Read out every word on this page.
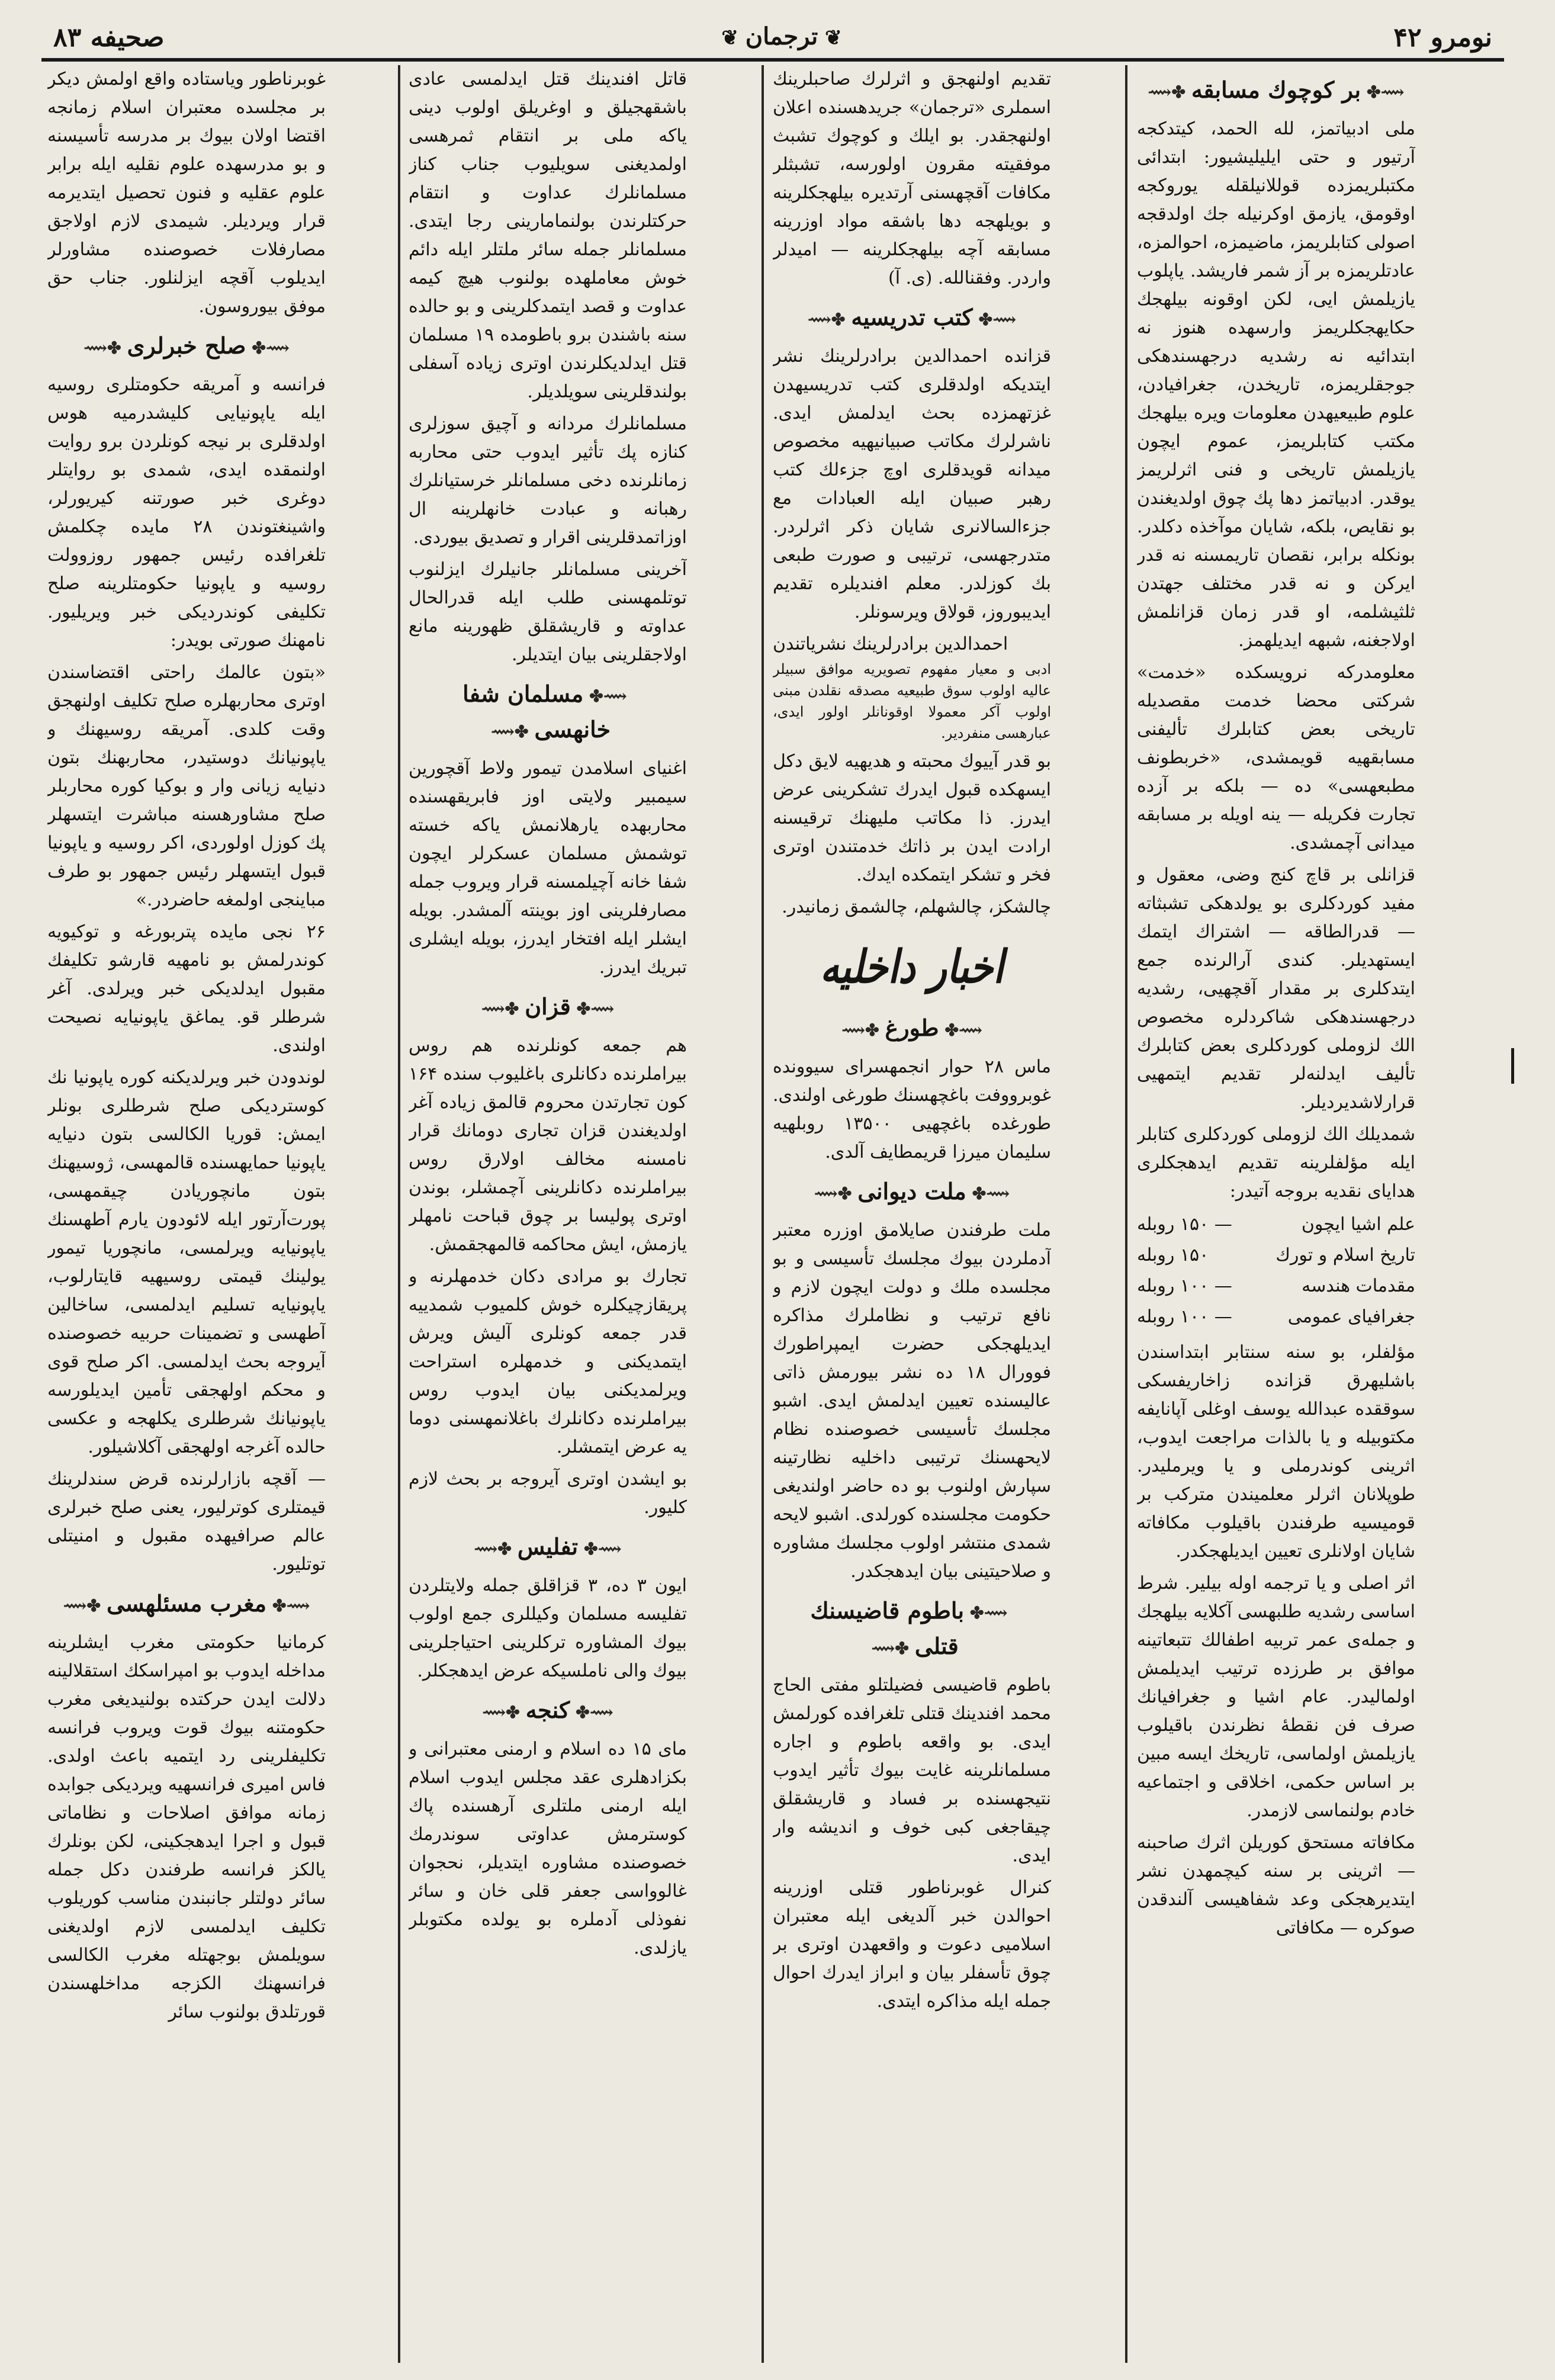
نومرو ۴۲
❦ ترجمان ❦
صحیفه ۸۳
⟿✤بر کوچوك مسابقه✤⟿

ملی ادبیاتمز، لله الحمد، کیتدکجه آرتیور و حتی ایلیلیشیور: ابتدائی مکتبلریمزده قوللانیلقله یوروکجه اوقومق، یازمق اوکرنیله جك اولدقجه اصولی کتابلریمز، ماضیمزه، احوالمزه، عادتلریمزه بر آز شمر فاریشد. یاپلوب یازیلمش ایی، لکن اوقونه بیلهجك حکایهجکلریمز وارسهده هنوز نه ابتدائیه نه رشدیه درجهسندهکی جوجقلریمزه، تاریخدن، جغرافیادن، علوم طبیعیهدن معلومات ویره بیلهجك مکتب کتابلریمز، عموم ایچون یازیلمش تاریخی و فنی اثرلریمز یوقدر. ادبیاتمز دها پك چوق اولدیغندن بو نقایص، بلکه، شایان موآخذه دکلدر. بونکله برابر، نقصان تاریمسنه نه قدر ایرکن و نه قدر مختلف جهتدن ثلثیشلمه، او قدر زمان قزانلمش اولاجغنه، شبهه ایدیلهمز.

معلومدرکه نرویسکده «خدمت» شرکتی محضا خدمت مقصدیله تاریخی بعض کتابلرك تألیفنی مسابقهیه قویمشدی، «خربطونف مطبعهسی» ده — بلکه بر آزده تجارت فکریله — ینه اویله بر مسابقه میدانی آچمشدی.

قزانلی بر قاچ کنج وضی، معقول و مفید کوردکلری بو یولدهکی تشبثاته — قدرالطاقه — اشتراك ایتمك ایستهدیلر. کندی آرالرنده جمع ایتدکلری بر مقدار آقچهیی، رشدیه درجهسندهکی شاکردلره مخصوص الك لزوملی کوردکلری بعض کتابلرك تألیف ایدلنه‌لر تقدیم ایتمهیی قرارلاشدیردیلر.

شمدیلك الك لزوملی کوردکلری کتابلر ایله مؤلفلرینه تقدیم ایدهجکلری هدایای نقدیه بروجه آتیدر:

علم اشیا ایچون
— ۱۵۰ روبله
تاریخ اسلام و تورك
۱۵۰ روبله
مقدمات هندسه
— ۱۰۰ روبله
جغرافیای عمومی
— ۱۰۰ روبله

مؤلفلر، بو سنه سنتابر ابتداسندن باشلیهرق قزانده زاخاریفسکی سوققده عبدالله یوسف اوغلی آپانایفه مکتوبیله و یا بالذات مراجعت ایدوب، اثرینی کوندرملی و یا ویرملیدر. طوپلانان اثرلر معلمیندن مترکب بر قومیسیه طرفندن باقیلوب مکافاته شایان اولانلری تعیین ایدیلهجکدر.

اثر اصلی و یا ترجمه اوله بیلیر. شرط اساسی رشدیه طلبهسی آکلایه بیلهجك و جمله‌ی عمر تربیه اطفالك تتبعاتینه موافق بر طرزده ترتیب ایدیلمش اولمالیدر. عام اشیا و جغرافیانك صرف فن نقطهٔ نظرندن باقیلوب یازیلمش اولماسی، تاریخك ایسه مبین بر اساس حکمی، اخلاقی و اجتماعیه خادم بولنماسی لازمدر.

مکافاته مستحق کوریلن اثرك صاحبنه — اثرینی بر سنه کیچمهدن نشر ایتدیرهجکی وعد شفاهیسی آلندقدن صوکره — مکافاتی

تقدیم اولنهجق و اثرلرك صاحبلرینك اسملری «ترجمان» جریدهسنده اعلان اولنهجقدر. بو ایلك و کوچوك تشبث موفقیته مقرون اولورسه، تشبثلر مکافات آقچهسنی آرتدیره بیلهجکلرینه و بویلهجه دها باشقه مواد اوزرینه مسابقه آچه بیلهجکلرینه — امیدلر واردر. وفقنالله. (ی. آ)

⟿✤کتب تدریسیه✤⟿

قزانده احمدالدین برادرلرینك نشر ایتدیکه اولدقلری کتب تدریسیهدن غزتهمزده بحث ایدلمش ایدی. ناشرلرك مکاتب صبیانیهیه مخصوص میدانه قویدقلری اوچ جزءلك کتب رهبر صبیان ایله العبادات مع جزءالسالانری شایان ذکر اثرلردر. متدرجهسی، ترتیبی و صورت طبعی بك کوزلدر. معلم افندیلره تقدیم ایدیبوروز، قولاق ویرسونلر.

احمدالدین برادرلرینك نشریاتندن

ادبی و معیار مفهوم تصویریه موافق سبیلر عالیه اولوب سوق طبیعیه مصدقه نقلدن مبنی اولوب آکر معمولا اوقونانلر اولور ایدی، عبارهسی منفردیر.

بو قدر آییوك محبته و هدیهیه لایق دکل ایسهکده قبول ایدرك تشکرینی عرض ایدرز. ذا مکاتب ملیهنك ترقیسنه ارادت ایدن بر ذاتك خدمتندن اوتری فخر و تشکر ایتمکده ایدك.

چالشکز، چالشهلم، چالشمق زمانیدر.

اخبار داخلیه
⟿✤طورغ✤⟿

ماس ۲۸ حوار انجمهسرای سیوونده غوبرووفت باغچهسنك طورغی اولندی. طورغده باغچهیی ۱۳۵۰۰ روبلهیه سلیمان میرزا قریمطایف آلدی.

⟿✤ملت دیوانی✤⟿

ملت طرفندن صایلامق اوزره معتبر آدملردن بیوك مجلسك تأسیسی و بو مجلسده ملك و دولت ایچون لازم و نافع ترتیب و نظاملرك مذاکره ایدیلهجکی حضرت ایمپراطورك فوورال ۱۸ ده نشر بیورمش ذاتی عالیسنده تعیین ایدلمش ایدی. اشبو مجلسك تأسیسی خصوصنده نظام لایحهسنك ترتیبی داخلیه نظارتینه سپارش اولنوب بو ده حاضر اولندیغی حکومت مجلسنده کورلدی. اشبو لایحه شمدی منتشر اولوب مجلسك مشاوره و صلاحیتینی بیان ایدهجکدر.

⟿✤باطوم قاضیسنك قتلی✤⟿

باطوم قاضیسی فضیلتلو مفتی الحاج محمد افندینك قتلی تلغرافده کورلمش ایدی. بو واقعه باطوم و اجاره مسلمانلرینه غایت بیوك تأثیر ایدوب نتیجهسنده بر فساد و قاریشقلق چیقاجغی کبی خوف و اندیشه وار ایدی.

کنرال غوبرناطور قتلی اوزرینه احوالدن خبر آلدیغی ایله معتبران اسلامیی دعوت و واقعهدن اوتری بر چوق تأسفلر بیان و ابراز ایدرك احوال جمله ایله مذاکره ایتدی.

قاتل افندینك قتل ایدلمسی عادی باشقهجیلق و اوغریلق اولوب دینی یاکه ملی بر انتقام ثمرهسی اولمدیغنی سویلیوب جناب کناز مسلمانلرك عداوت و انتقام حرکتلرندن بولنمامارینی رجا ایتدی. مسلمانلر جمله سائر ملتلر ایله دائم خوش معاملهده بولنوب هیچ کیمه عداوت و قصد ایتمدکلرینی و بو حالده سنه باشندن برو باطومده ۱۹ مسلمان قتل ایدلدیکلرندن اوتری زیاده آسفلی بولندقلرینی سویلدیلر.

مسلمانلرك مردانه و آچیق سوزلری کنازه پك تأثیر ایدوب حتی محاربه زمانلرنده دخی مسلمانلر خرستیانلرك رهبانه و عبادت خانهلرینه ال اوزاتمدقلرینی اقرار و تصدیق بیوردی.

آخرینی مسلمانلر جانیلرك ایزلنوب توتلمهسنی طلب ایله قدرالحال عداوته و قاریشقلق ظهورینه مانع اولاجقلرینی بیان ایتدیلر.

⟿✤مسلمان شفا خانهسی✤⟿

اغنیای اسلامدن تیمور ولاط آقچورین سیمبیر ولایتی اوز فابریقهسنده محاربهده یارهلانمش یاکه خسته توشمش مسلمان عسکرلر ایچون شفا خانه آچیلمسنه قرار ویروب جمله مصارفلرینی اوز بوینته آلمشدر. بویله ایشلر ایله افتخار ایدرز، بویله ایشلری تبریك ایدرز.

⟿✤قزان✤⟿

هم جمعه کونلرنده هم روس بیراملرنده دکانلری باغلیوب سنده ۱۶۴ کون تجارتدن محروم قالمق زیاده آغر اولدیغندن قزان تجاری دومانك قرار نامسنه مخالف اولارق روس بیراملرنده دکانلرینی آچمشلر، بوندن اوتری پولیسا بر چوق قباحت نامهلر یازمش، ایش محاکمه قالمهجقمش.

تجارك بو مرادی دکان خدمهلرنه و پریقازچیکلره خوش کلمیوب شمدییه قدر جمعه کونلری آلیش ویرش ایتمدیکنی و خدمهلره استراحت ویرلمدیکنی بیان ایدوب روس بیراملرنده دکانلرك باغلانمهسنی دوما یه عرض ایتمشلر.

بو ایشدن اوتری آیروجه بر بحث لازم کلیور.

⟿✤تفلیس✤⟿

ایون ۳ ده، ۳ قزاقلق جمله ولایتلردن تفلیسه مسلمان وکیللری جمع اولوب بیوك المشاوره ترکلرینی احتیاجلرینی بیوك والی ناملسیکه عرض ایدهجکلر.

⟿✤کنجه✤⟿

مای ۱۵ ده اسلام و ارمنی معتبرانی و بکزادهلری عقد مجلس ایدوب اسلام ایله ارمنی ملتلری آرهسنده پاك کوسترمش عداوتی سوندرمك خصوصنده مشاوره ایتدیلر، نحجوان غالوواسی جعفر قلی خان و سائر نفوذلی آدملره بو یولده مکتوبلر یازلدی.

غوبرناطور ویاستاده واقع اولمش دیکر بر مجلسده معتبران اسلام زمانجه اقتضا اولان بیوك بر مدرسه تأسیسنه و بو مدرسهده علوم نقلیه ایله برابر علوم عقلیه و فنون تحصیل ایتدیرمه قرار ویردیلر. شیمدی لازم اولاجق مصارفلات خصوصنده مشاورلر ایدیلوب آقچه ایزلنلور. جناب حق موفق بیوروسون.

⟿✤صلح خبرلری✤⟿

فرانسه و آمریقه حکومتلری روسیه ایله یاپونیایی کلیشدرمیه هوس اولدقلری بر نیجه کونلردن برو روایت اولنمقده ایدی، شمدی بو روایتلر دوغری خبر صورتنه کیریورلر، واشینغتوندن ۲۸ مایده چکلمش تلغرافده رئیس جمهور روزوولت روسیه و یاپونیا حکومتلرینه صلح تکلیفی کوندردیکی خبر ویریلیور. نامهنك صورتی بویدر:

«بتون عالمك راحتی اقتضاسندن اوتری محاربهلره صلح تکلیف اولنهجق وقت کلدی. آمریقه روسیهنك و یاپونیانك دوستیدر، محاربهنك بتون دنیایه زیانی وار و بوکیا کوره محاربلر صلح مشاورهسنه مباشرت ایتسهلر پك کوزل اولوردی، اکر روسیه و یاپونیا قبول ایتسهلر رئیس جمهور بو طرف مباینجی اولمغه حاضردر.»

۲۶ نجی مایده پتربورغه و توکیویه کوندرلمش بو نامهیه قارشو تکلیفك مقبول ایدلدیکی خبر ویرلدی. آغر شرطلر قو. یماغق یاپونیایه نصیحت اولندی.

لوندودن خبر ویرلدیکنه کوره یاپونیا نك کوستردیکی صلح شرطلری بونلر ایمش: قوریا الکالسی بتون دنیایه یاپونیا حمایهسنده قالمهسی، ژوسیهنك بتون مانچوریادن چیقمهسی، پورت‌آرتور ایله لائودون یارم آطهسنك یاپونیایه ویرلمسی، مانچوریا تیمور یولینك قیمتی روسیهیه قایتارلوب، یاپونیایه تسلیم ایدلمسی، ساخالین آطهسی و تضمینات حربیه خصوصنده آیروجه بحث ایدلمسی. اکر صلح قوی و محکم اولهجقی تأمین ایدیلورسه یاپونیانك شرطلری یکلهجه و عکسی حالده آغرجه اولهجقی آکلاشیلور.

— آقچه بازارلرنده قرض سندلرینك قیمتلری کوترلیور، یعنی صلح خبرلری عالم صرافیهده مقبول و امنیتلی توتلیور.

⟿✤مغرب مسئلهسی✤⟿

کرمانیا حکومتی مغرب ایشلرینه مداخله ایدوب بو امپراسكك استقلالینه دلالت ایدن حرکتده بولنیدیغی مغرب حکومتنه بیوك قوت ویروب فرانسه تکلیفلرینی رد ایتمیه باعث اولدی. فاس امیری فرانسهیه ویردیکی جوابده زمانه موافق اصلاحات و نظاماتی قبول و اجرا ایدهجکینی، لکن بونلرك یالکز فرانسه طرفندن دکل جمله سائر دولتلر جانبندن مناسب کوریلوب تکلیف ایدلمسی لازم اولدیغنی سویلمش بوجهتله مغرب الکالسی فرانسهنك الکزجه مداخلهسندن قورتلدق بولنوب سائر
